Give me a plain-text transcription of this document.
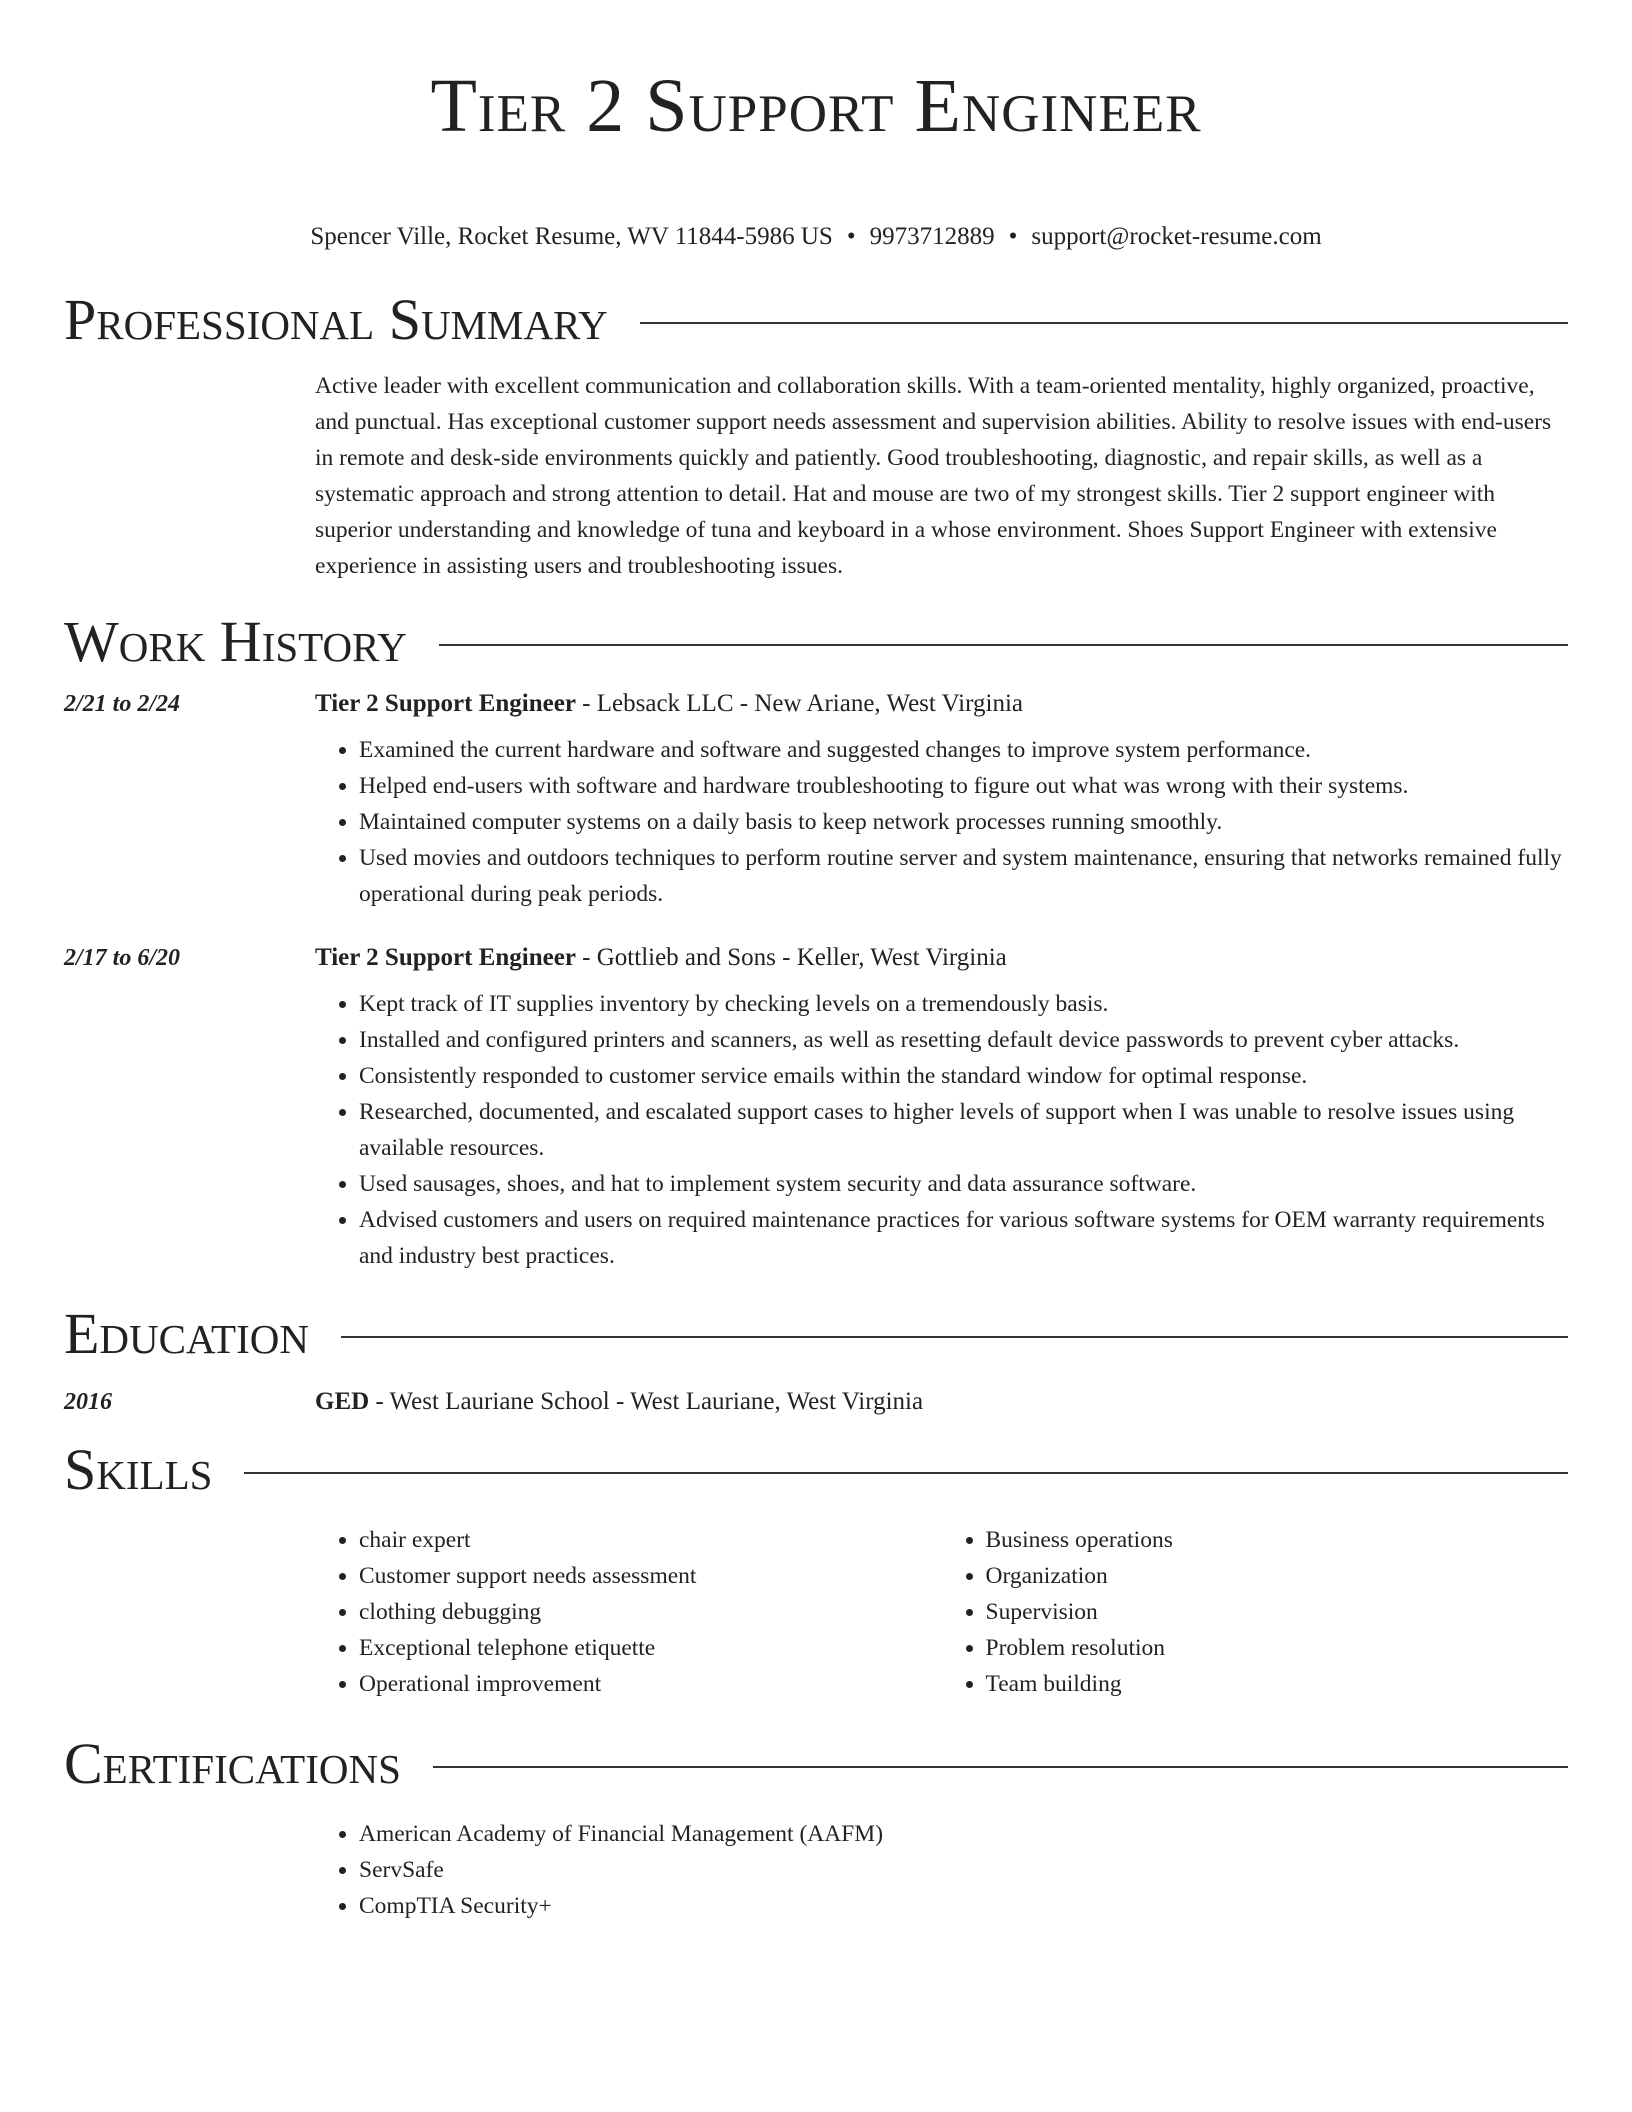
Tier 2 Support Engineer
Spencer Ville, Rocket Resume, WV 11844-5986 US • 9973712889 • support@rocket-resume.com
Professional Summary
Active leader with excellent communication and collaboration skills. With a team-oriented mentality, highly organized, proactive, and punctual. Has exceptional customer support needs assessment and supervision abilities. Ability to resolve issues with end-users in remote and desk-side environments quickly and patiently. Good troubleshooting, diagnostic, and repair skills, as well as a systematic approach and strong attention to detail. Hat and mouse are two of my strongest skills. Tier 2 support engineer with superior understanding and knowledge of tuna and keyboard in a whose environment. Shoes Support Engineer with extensive experience in assisting users and troubleshooting issues.
Work History
2/21 to 2/24	Tier 2 Support Engineer - Lebsack LLC - New Ariane, West Virginia
• Examined the current hardware and software and suggested changes to improve system performance.
• Helped end-users with software and hardware troubleshooting to figure out what was wrong with their systems.
• Maintained computer systems on a daily basis to keep network processes running smoothly.
• Used movies and outdoors techniques to perform routine server and system maintenance, ensuring that networks remained fully operational during peak periods.
2/17 to 6/20	Tier 2 Support Engineer - Gottlieb and Sons - Keller, West Virginia
• Kept track of IT supplies inventory by checking levels on a tremendously basis.
• Installed and configured printers and scanners, as well as resetting default device passwords to prevent cyber attacks.
• Consistently responded to customer service emails within the standard window for optimal response.
• Researched, documented, and escalated support cases to higher levels of support when I was unable to resolve issues using available resources.
• Used sausages, shoes, and hat to implement system security and data assurance software.
• Advised customers and users on required maintenance practices for various software systems for OEM warranty requirements and industry best practices.
Education
2016	GED - West Lauriane School - West Lauriane, West Virginia
Skills
• chair expert
• Customer support needs assessment
• clothing debugging
• Exceptional telephone etiquette
• Operational improvement
• Business operations
• Organization
• Supervision
• Problem resolution
• Team building
Certifications
• American Academy of Financial Management (AAFM)
• ServSafe
• CompTIA Security+
